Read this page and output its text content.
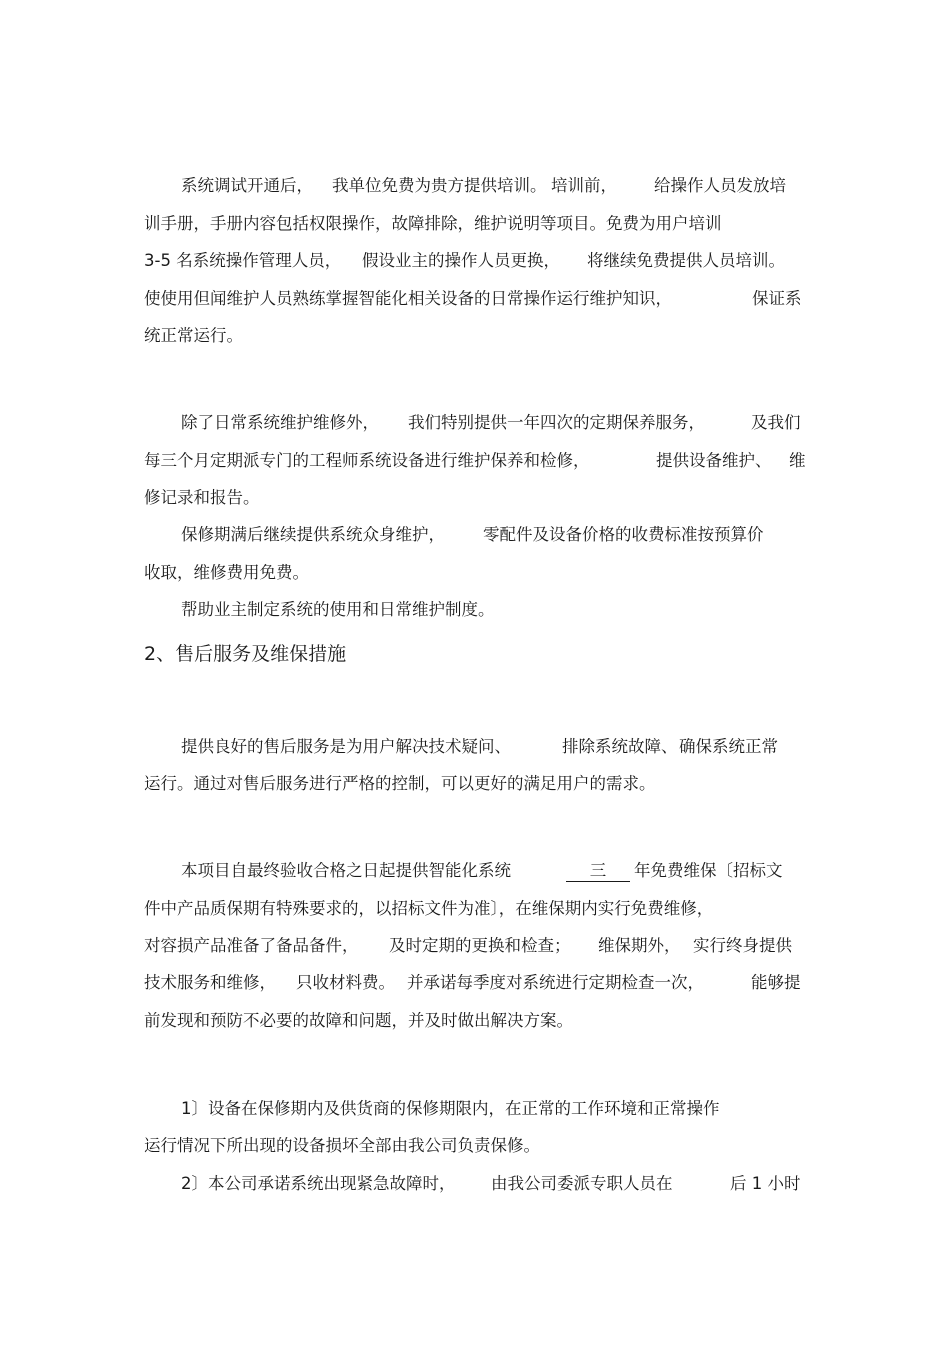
系统调试开通后，

我单位免费为贵方提供培训。

培训前，

给操作人员发放培

训手册，手册内容包括权限操作，故障排除，维护说明等项目。免费为用户培训

3-5 名系统操作管理人员，

假设业主的操作人员更换，

将继续免费提供人员培训。

使使用但闻维护人员熟练掌握智能化相关设备的日常操作运行维护知识，

	保证系

统正常运行。

除了日常系统维护维修外，

我们特别提供一年四次的定期保养服务，

	及我们

每三个月定期派专门的工程师系统设备进行维护保养和检修，

	提供设备维护、

维

修记录和报告。

保修期满后继续提供系统众身维护，

零配件及设备价格的收费标准按预算价

收取，维修费用免费。

帮助业主制定系统的使用和日常维护制度。

2、售后服务及维保措施

提供良好的售后服务是为用户解决技术疑问、

	排除系统故障、

确保系统正常

运行。通过对售后服务进行严格的控制，可以更好的满足用户的需求。

本项目自最终验收合格之日起提供智能化系统

	三

	年免费维保〔招标文

件中产品质保期有特殊要求的，以招标文件为准〕，在维保期内实行免费维修，

对容损产品准备了备品备件，

及时定期的更换和检查；

维保期外，

实行终身提供

技术服务和维修，

只收材料费。

并承诺每季度对系统进行定期检查一次，

	能够提

前发现和预防不必要的故障和问题，并及时做出解决方案。

1〕设备在保修期内及供货商的保修期限内，在正常的工作环境和正常操作

运行情况下所出现的设备损坏全部由我公司负责保修。

2〕本公司承诺系统出现紧急故障时，

由我公司委派专职人员在

	后 1 小时
